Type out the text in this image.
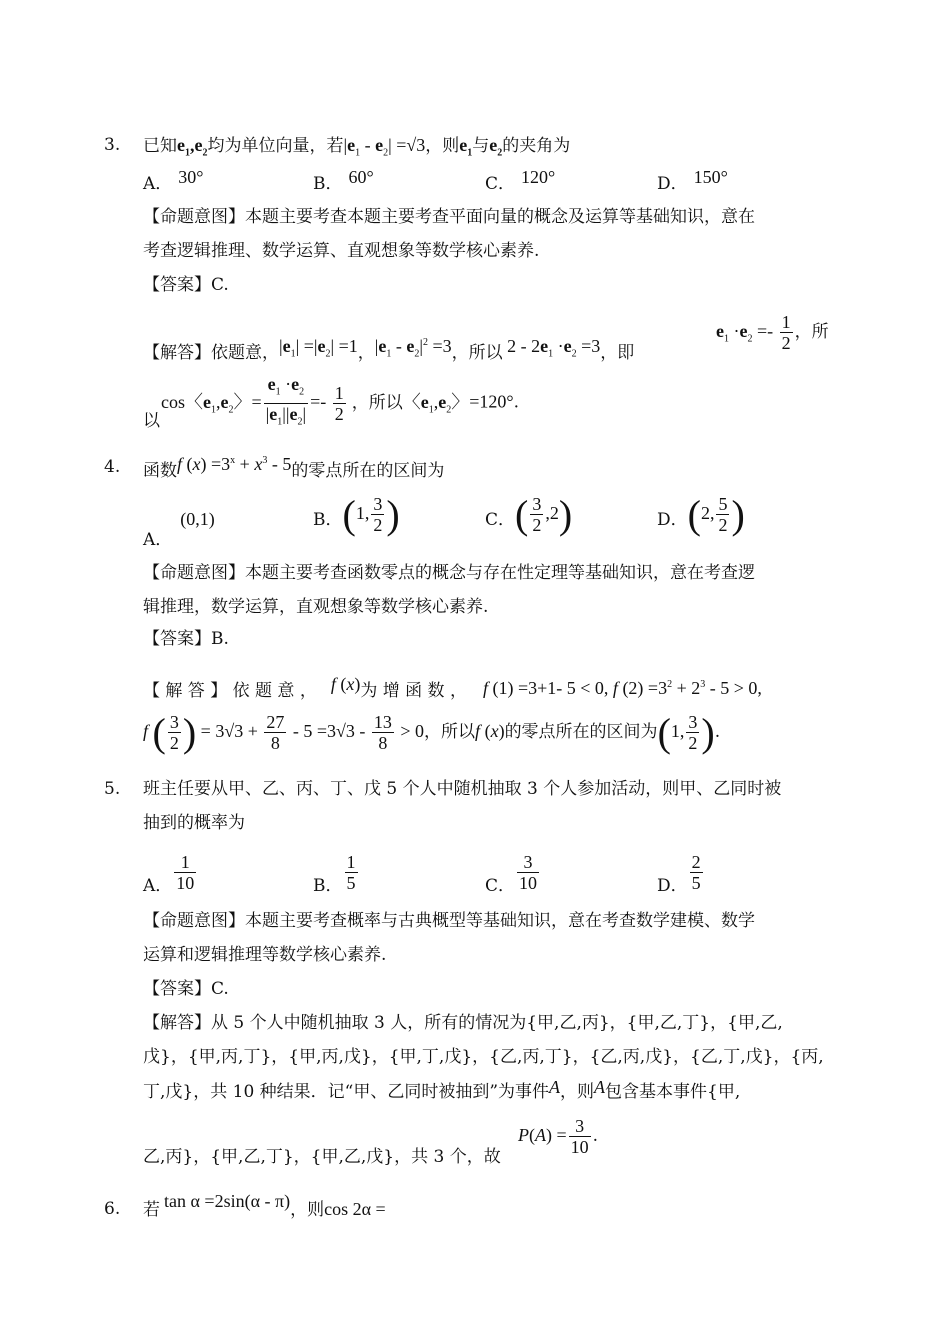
3. 已知$e_1,e_2$均为单位向量，若$|e_1 - e_2| =√3$，则$e_1$与$e_2$的夹角为
A． 30°	B． 60°	C． 120°	D． 150°
【命题意图】本题主要考查本题主要考查平面向量的概念及运算等基础知识，意在
考查逻辑推理、数学运算、直观想象等数学核心素养.
【答案】C.
【解答】依题意，$|e_1| =|e_2| =1$，$|e_1 - e_2|^2 =3$，所以 $2 - 2e_1 \cdot e_2 =3$，即
$e_1 \cdot e_2 =- \frac{1}{2}$ ，所
cos〈$e_1,e_2$〉= $\frac{e_1 \cdot e_2}{|e_1||e_2|} =- \frac{1}{2}$ ，所以〈$e_1,e_2$〉=120°.
以
4. 函数f $(x) =3^x + x^3 - 5$的零点所在的区间为
A．(0,1)	B．(1, $\frac{3}{2}$ )	C．( $\frac{3}{2} ,2$)	D．(2, $\frac{5}{2}$ )
【命题意图】本题主要考查函数零点的概念与存在性定理等基础知识，意在考查逻
辑推理，数学运算，直观想象等数学核心素养.
【答案】B.
【 解 答 】 依 题 意 ， f (x)为 增 函 数 ， f (1) =3+1- 5 < 0, f $(2) =3^2 + 2^3 - 5 > 0$,
f ( $\frac{3}{2}$ ) = $3√3 + \frac{27}{8} - 5 =3√3 - \frac{13}{8} > 0$，所以f (x)的零点所在的区间为(1, $\frac{3}{2}$ ).
5. 班主任要从甲、乙、丙、丁、戊 5 个人中随机抽取 3 个人参加活动，则甲、乙同时被
抽到的概率为
A． $\frac{1}{10}$	B． $\frac{1}{5}$	C． $\frac{3}{10}$	D． $\frac{2}{5}$
【命题意图】本题主要考查概率与古典概型等基础知识，意在考查数学建模、数学
运算和逻辑推理等数学核心素养.
【答案】C.
【解答】从 5 个人中随机抽取 3 人，所有的情况为{甲,乙,丙}，{甲,乙,丁}，{甲,乙,
戊}，{甲,丙,丁}，{甲,丙,戊}，{甲,丁,戊}，{乙,丙,丁}，{乙,丙,戊}，{乙,丁,戊}，{丙,
丁,戊}，共 10 种结果．记“甲、乙同时被抽到”为事件A，则A包含基本事件{甲,
乙,丙}，{甲,乙,丁}，{甲,乙,戊}，共 3 个，故
$P(A) = \frac{3}{10}$ .
6. 若 tan α =2sin(α - π)，则cos 2α =
